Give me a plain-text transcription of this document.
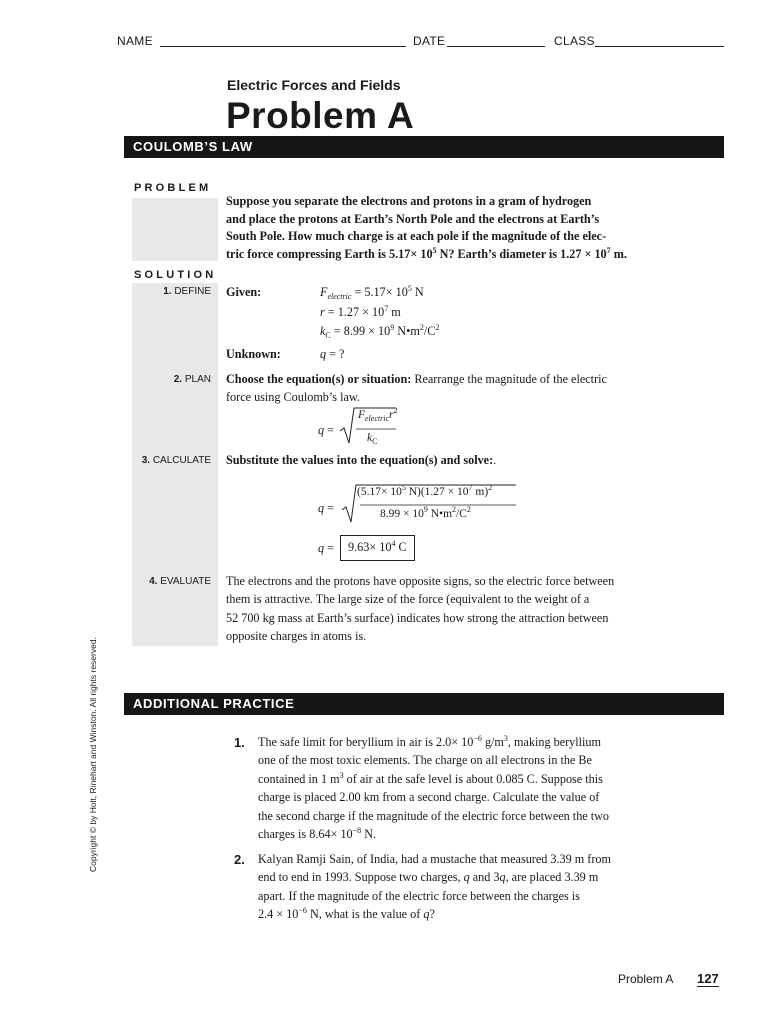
NAME	DATE	CLASS
Electric Forces and Fields
Problem A
COULOMB’S LAW
PROBLEM
Suppose you separate the electrons and protons in a gram of hydrogen
and place the protons at Earth’s North Pole and the electrons at Earth’s
South Pole. How much charge is at each pole if the magnitude of the elec-
tric force compressing Earth is $5.17\times 10^5$ N? Earth’s diameter is $1.27 \times 10^7$ m.
SOLUTION
1. DEFINE Given:	$F_{electric} = 5.17\times 10^5$ N
$r = 1.27 \times 10^7$ m
$k_C = 8.99 \times 10^9$ $N•m^2/C^2$
Unknown:	q = ?
2. PLAN Choose the equation(s) or situation: Rearrange the magnitude of the electric
force using Coulomb’s law.
q =
$F_{electric}r^2$
$k_C$
3. CALCULATE Substitute the values into the equation(s) and solve:.
q =
($5.17\times 10^5$ $N)(1.27 \times 10^7$ m)$^2$
$8.99 \times 10^9$ $N•m^2/C^2$
q =	$9.63\times 10^4$ C
4. EVALUATE The electrons and the protons have opposite signs, so the electric force between
them is attractive. The large size of the force (equivalent to the weight of a
52 700 kg mass at Earth’s surface) indicates how strong the attraction between
opposite charges in atoms is.
ADDITIONAL PRACTICE
1. The safe limit for beryllium in air is $2.0\times 10^{-6}$ $g/m^3$, making beryllium
one of the most toxic elements. The charge on all electrons in the Be
contained in 1 $m^3$ of air at the safe level is about 0.085 C. Suppose this
charge is placed 2.00 km from a second charge. Calculate the value of
the second charge if the magnitude of the electric force between the two
charges is $8.64\times 10^{-8}$ N.
2. Kalyan Ramji Sain, of India, had a mustache that measured 3.39 m from
end to end in 1993. Suppose two charges, q and 3q, are placed 3.39 m
apart. If the magnitude of the electric force between the charges is
$2.4 \times 10^{-6}$ N, what is the value of q?
Copyright © by Holt, Rinehart and Winston. All rights reserved.
Problem A 127
